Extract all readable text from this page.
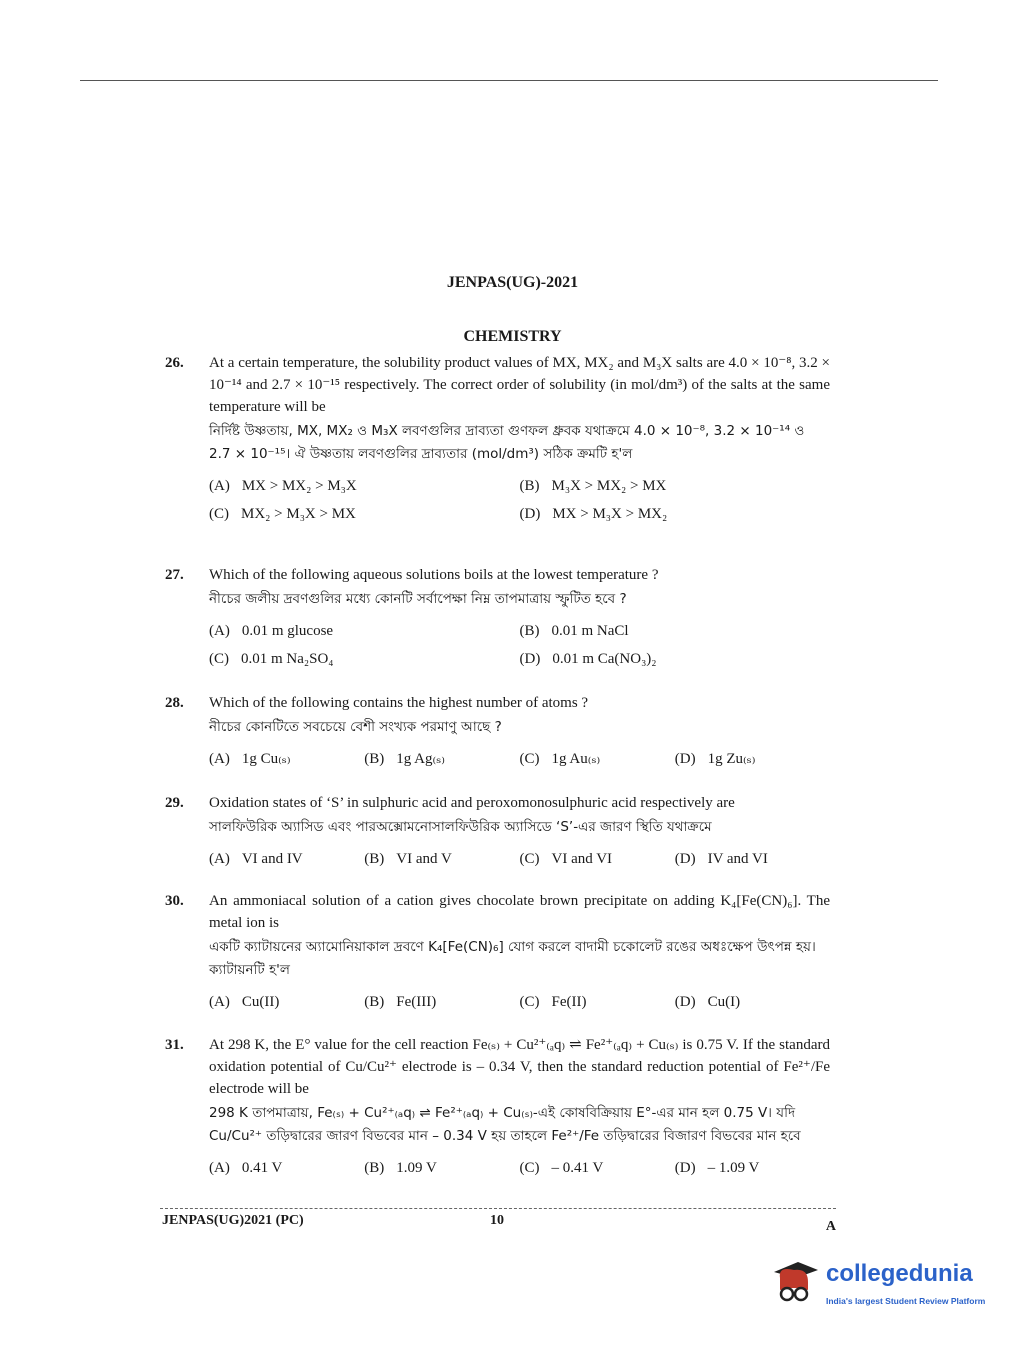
JENPAS(UG)-2021
CHEMISTRY
26. At a certain temperature, the solubility product values of MX, MX₂ and M₃X salts are 4.0 × 10⁻⁸, 3.2 × 10⁻¹⁴ and 2.7 × 10⁻¹⁵ respectively. The correct order of solubility (in mol/dm³) of the salts at the same temperature will be
নির্দিষ্ট উষ্ণতায়, MX, MX₂ ও M₃X লবণগুলির দ্রাব্যতা গুণফল ধ্রুবক যথাক্রমে 4.0 × 10⁻⁸, 3.2 × 10⁻¹⁴ ও 2.7 × 10⁻¹⁵। ঐ উষ্ণতায় লবণগুলির দ্রাব্যতার (mol/dm³) সঠিক ক্রমটি হ'ল
(A) MX > MX₂ > M₃X	(B) M₃X > MX₂ > MX
(C) MX₂ > M₃X > MX	(D) MX > M₃X > MX₂
27. Which of the following aqueous solutions boils at the lowest temperature ?
নীচের জলীয় দ্রবণগুলির মধ্যে কোনটি সর্বাপেক্ষা নিম্ন তাপমাত্রায় স্ফুটিত হবে ?
(A) 0.01 m glucose	(B) 0.01 m NaCl
(C) 0.01 m Na₂SO₄	(D) 0.01 m Ca(NO₃)₂
28. Which of the following contains the highest number of atoms ?
নীচের কোনটিতে সবচেয়ে বেশী সংখ্যক পরমাণু আছে ?
(A) 1g Cu₍ₛ₎	(B) 1g Ag₍ₛ₎	(C) 1g Au₍ₛ₎	(D) 1g Zu₍ₛ₎
29. Oxidation states of ‘S’ in sulphuric acid and peroxomonosulphuric acid respectively are
সালফিউরিক অ্যাসিড এবং পারঅক্সোমনোসালফিউরিক অ্যাসিডে ‘S’-এর জারণ স্থিতি যথাক্রমে
(A) VI and IV	(B) VI and V	(C) VI and VI	(D) IV and VI
30. An ammoniacal solution of a cation gives chocolate brown precipitate on adding K₄[Fe(CN)₆]. The metal ion is
একটি ক্যাটায়নের অ্যামোনিয়াকাল দ্রবণে K₄[Fe(CN)₆] যোগ করলে বাদামী চকোলেট রঙের অধঃক্ষেপ উৎপন্ন হয়। ক্যাটায়নটি হ'ল
(A) Cu(II)	(B) Fe(III)	(C) Fe(II)	(D) Cu(I)
31. At 298 K, the E° value for the cell reaction Fe₍ₛ₎ + Cu²⁺₍ₐq₎ ⇌ Fe²⁺₍ₐq₎ + Cu₍ₛ₎ is 0.75 V. If the standard oxidation potential of Cu/Cu²⁺ electrode is – 0.34 V, then the standard reduction potential of Fe²⁺/Fe electrode will be
298 K তাপমাত্রায়, Fe₍ₛ₎ + Cu²⁺₍ₐq₎ ⇌ Fe²⁺₍ₐq₎ + Cu₍ₛ₎-এই কোষবিক্রিয়ায় E°-এর মান হল 0.75 V। যদি Cu/Cu²⁺ তড়িদ্বারের জারণ বিভবের মান – 0.34 V হয় তাহলে Fe²⁺/Fe তড়িদ্বারের বিজারণ বিভবের মান হবে
(A) 0.41 V	(B) 1.09 V	(C) – 0.41 V	(D) – 1.09 V
JENPAS(UG)2021 (PC)	10	A
collegedunia
India's largest Student Review Platform
